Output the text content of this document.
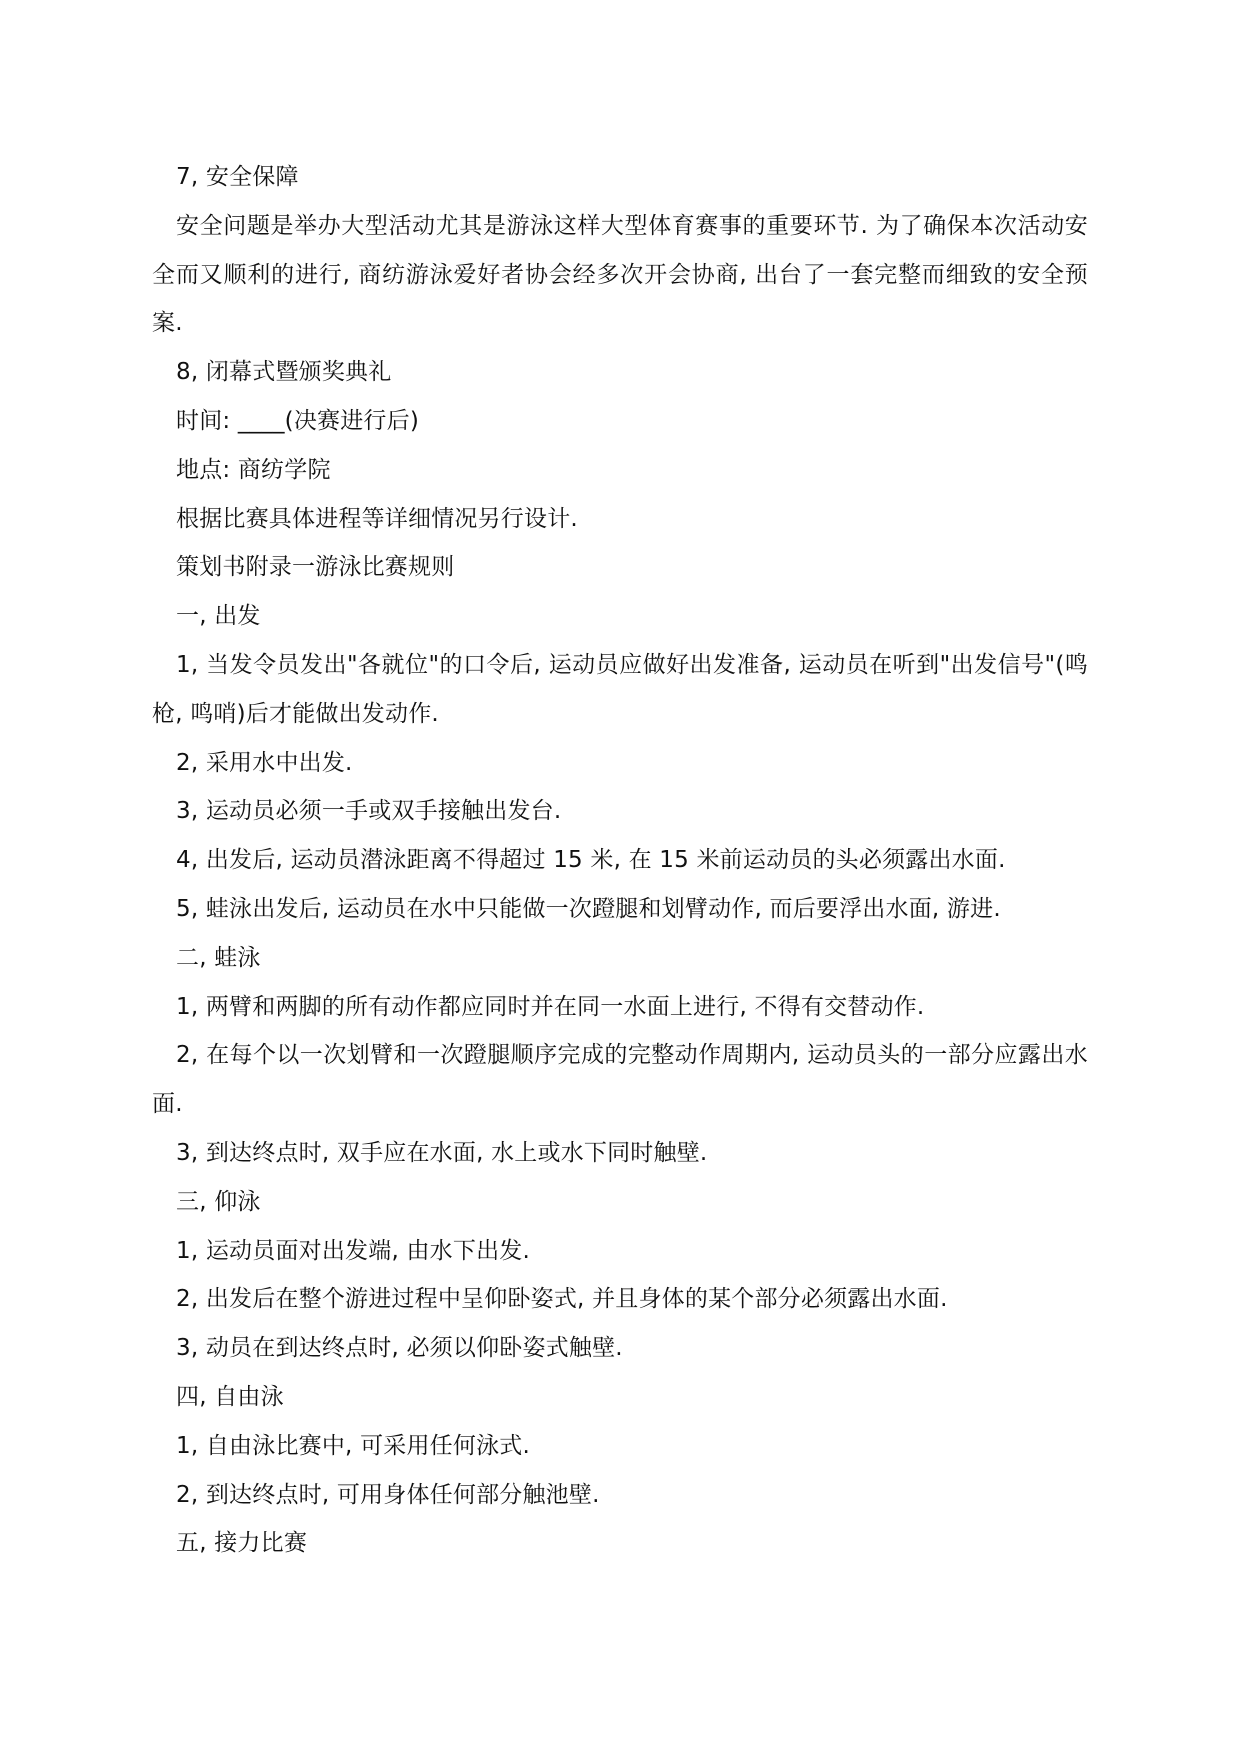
7, 安全保障

安全问题是举办大型活动尤其是游泳这样大型体育赛事的重要环节. 为了确保本次活动安全而又顺利的进行, 商纺游泳爱好者协会经多次开会协商, 出台了一套完整而细致的安全预案.

8, 闭幕式暨颁奖典礼

时间: ____(决赛进行后)

地点: 商纺学院

根据比赛具体进程等详细情况另行设计.

策划书附录一游泳比赛规则

一, 出发

1, 当发令员发出"各就位"的口令后, 运动员应做好出发准备, 运动员在听到"出发信号"(鸣枪, 鸣哨)后才能做出发动作.

2, 采用水中出发.

3, 运动员必须一手或双手接触出发台.

4, 出发后, 运动员潜泳距离不得超过 15 米, 在 15 米前运动员的头必须露出水面.

5, 蛙泳出发后, 运动员在水中只能做一次蹬腿和划臂动作, 而后要浮出水面, 游进.

二, 蛙泳

1, 两臂和两脚的所有动作都应同时并在同一水面上进行, 不得有交替动作.

2, 在每个以一次划臂和一次蹬腿顺序完成的完整动作周期内, 运动员头的一部分应露出水面.

3, 到达终点时, 双手应在水面, 水上或水下同时触壁.

三, 仰泳

1, 运动员面对出发端, 由水下出发.

2, 出发后在整个游进过程中呈仰卧姿式, 并且身体的某个部分必须露出水面.

3, 动员在到达终点时, 必须以仰卧姿式触壁.

四, 自由泳

1, 自由泳比赛中, 可采用任何泳式.

2, 到达终点时, 可用身体任何部分触池壁.

五, 接力比赛
